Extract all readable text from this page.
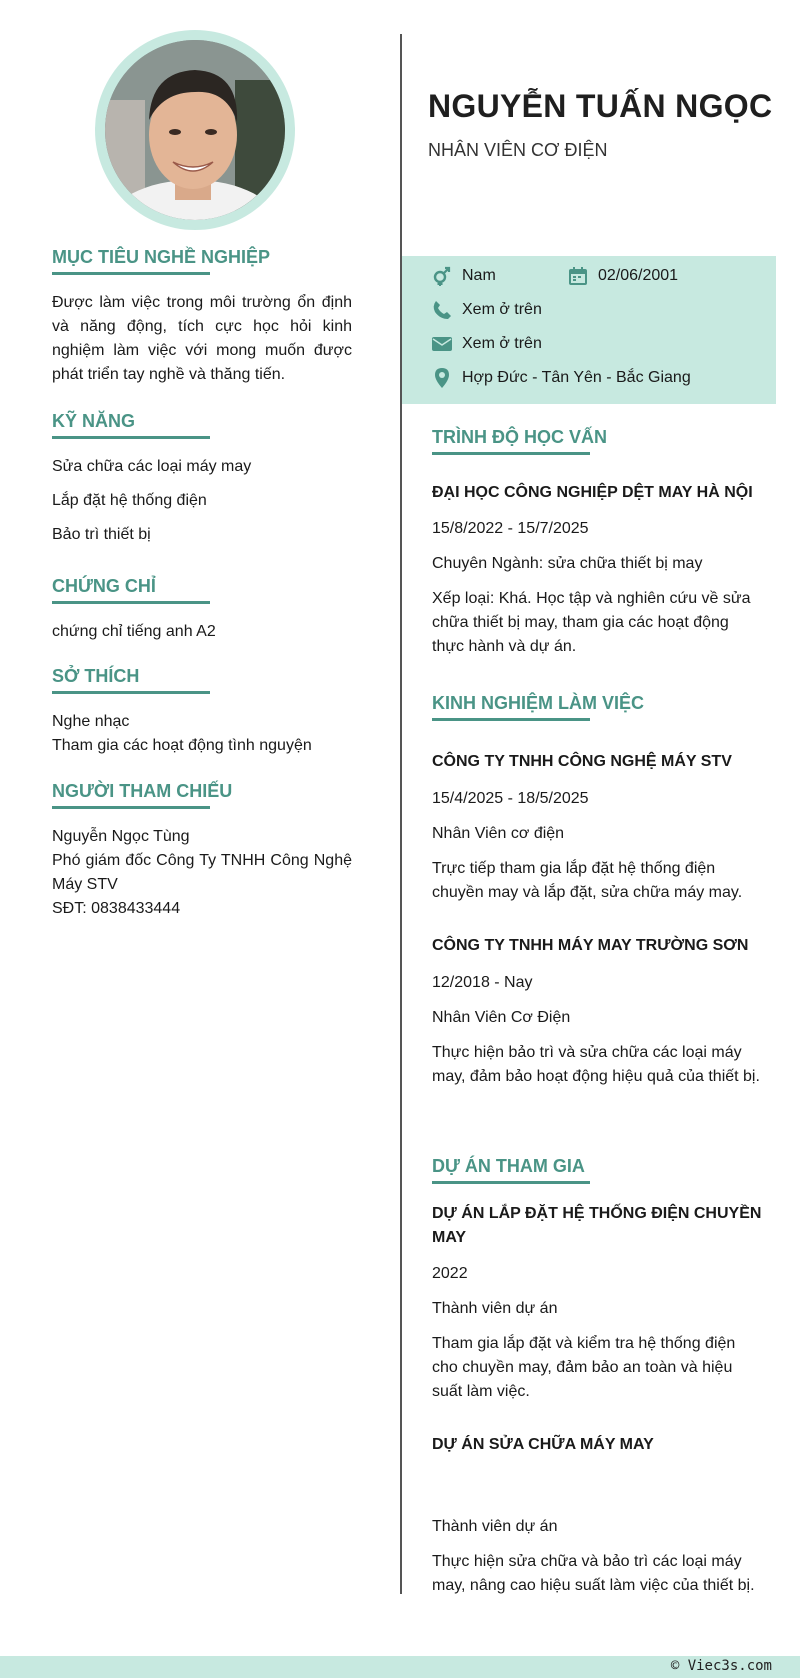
MỤC TIÊU NGHỀ NGHIỆP

Được làm việc trong môi trường ổn định và năng động, tích cực học hỏi kinh nghiệm làm việc với mong muốn được phát triển tay nghề và thăng tiến.

KỸ NĂNG

Sửa chữa các loại máy may

Lắp đặt hệ thống điện

Bảo trì thiết bị

CHỨNG CHỈ

chứng chỉ tiếng anh A2

SỞ THÍCH

Nghe nhạc

Tham gia các hoạt động tình nguyện

NGƯỜI THAM CHIẾU

Nguyễn Ngọc Tùng

Phó giám đốc Công Ty TNHH Công Nghệ Máy STV

SĐT: 0838433444

NGUYỄN TUẤN NGỌC

NHÂN VIÊN CƠ ĐIỆN

Nam	02/06/2001
Xem ở trên
Xem ở trên
Hợp Đức - Tân Yên - Bắc Giang
TRÌNH ĐỘ HỌC VẤN

ĐẠI HỌC CÔNG NGHIỆP DỆT MAY HÀ NỘI

15/8/2022 - 15/7/2025

Chuyên Ngành: sửa chữa thiết bị may

Xếp loại: Khá. Học tập và nghiên cứu về sửa chữa thiết bị may, tham gia các hoạt động thực hành và dự án.

KINH NGHIỆM LÀM VIỆC

CÔNG TY TNHH CÔNG NGHỆ MÁY STV

15/4/2025 - 18/5/2025

Nhân Viên cơ điện

Trực tiếp tham gia lắp đặt hệ thống điện chuyền may và lắp đặt, sửa chữa máy may.

CÔNG TY TNHH MÁY MAY TRƯỜNG SƠN

12/2018 - Nay

Nhân Viên Cơ Điện

Thực hiện bảo trì và sửa chữa các loại máy may, đảm bảo hoạt động hiệu quả của thiết bị.

DỰ ÁN THAM GIA

DỰ ÁN LẮP ĐẶT HỆ THỐNG ĐIỆN CHUYỀN MAY

2022

Thành viên dự án

Tham gia lắp đặt và kiểm tra hệ thống điện cho chuyền may, đảm bảo an toàn và hiệu suất làm việc.

DỰ ÁN SỬA CHỮA MÁY MAY

Thành viên dự án

Thực hiện sửa chữa và bảo trì các loại máy may, nâng cao hiệu suất làm việc của thiết bị.

© Viec3s.com
